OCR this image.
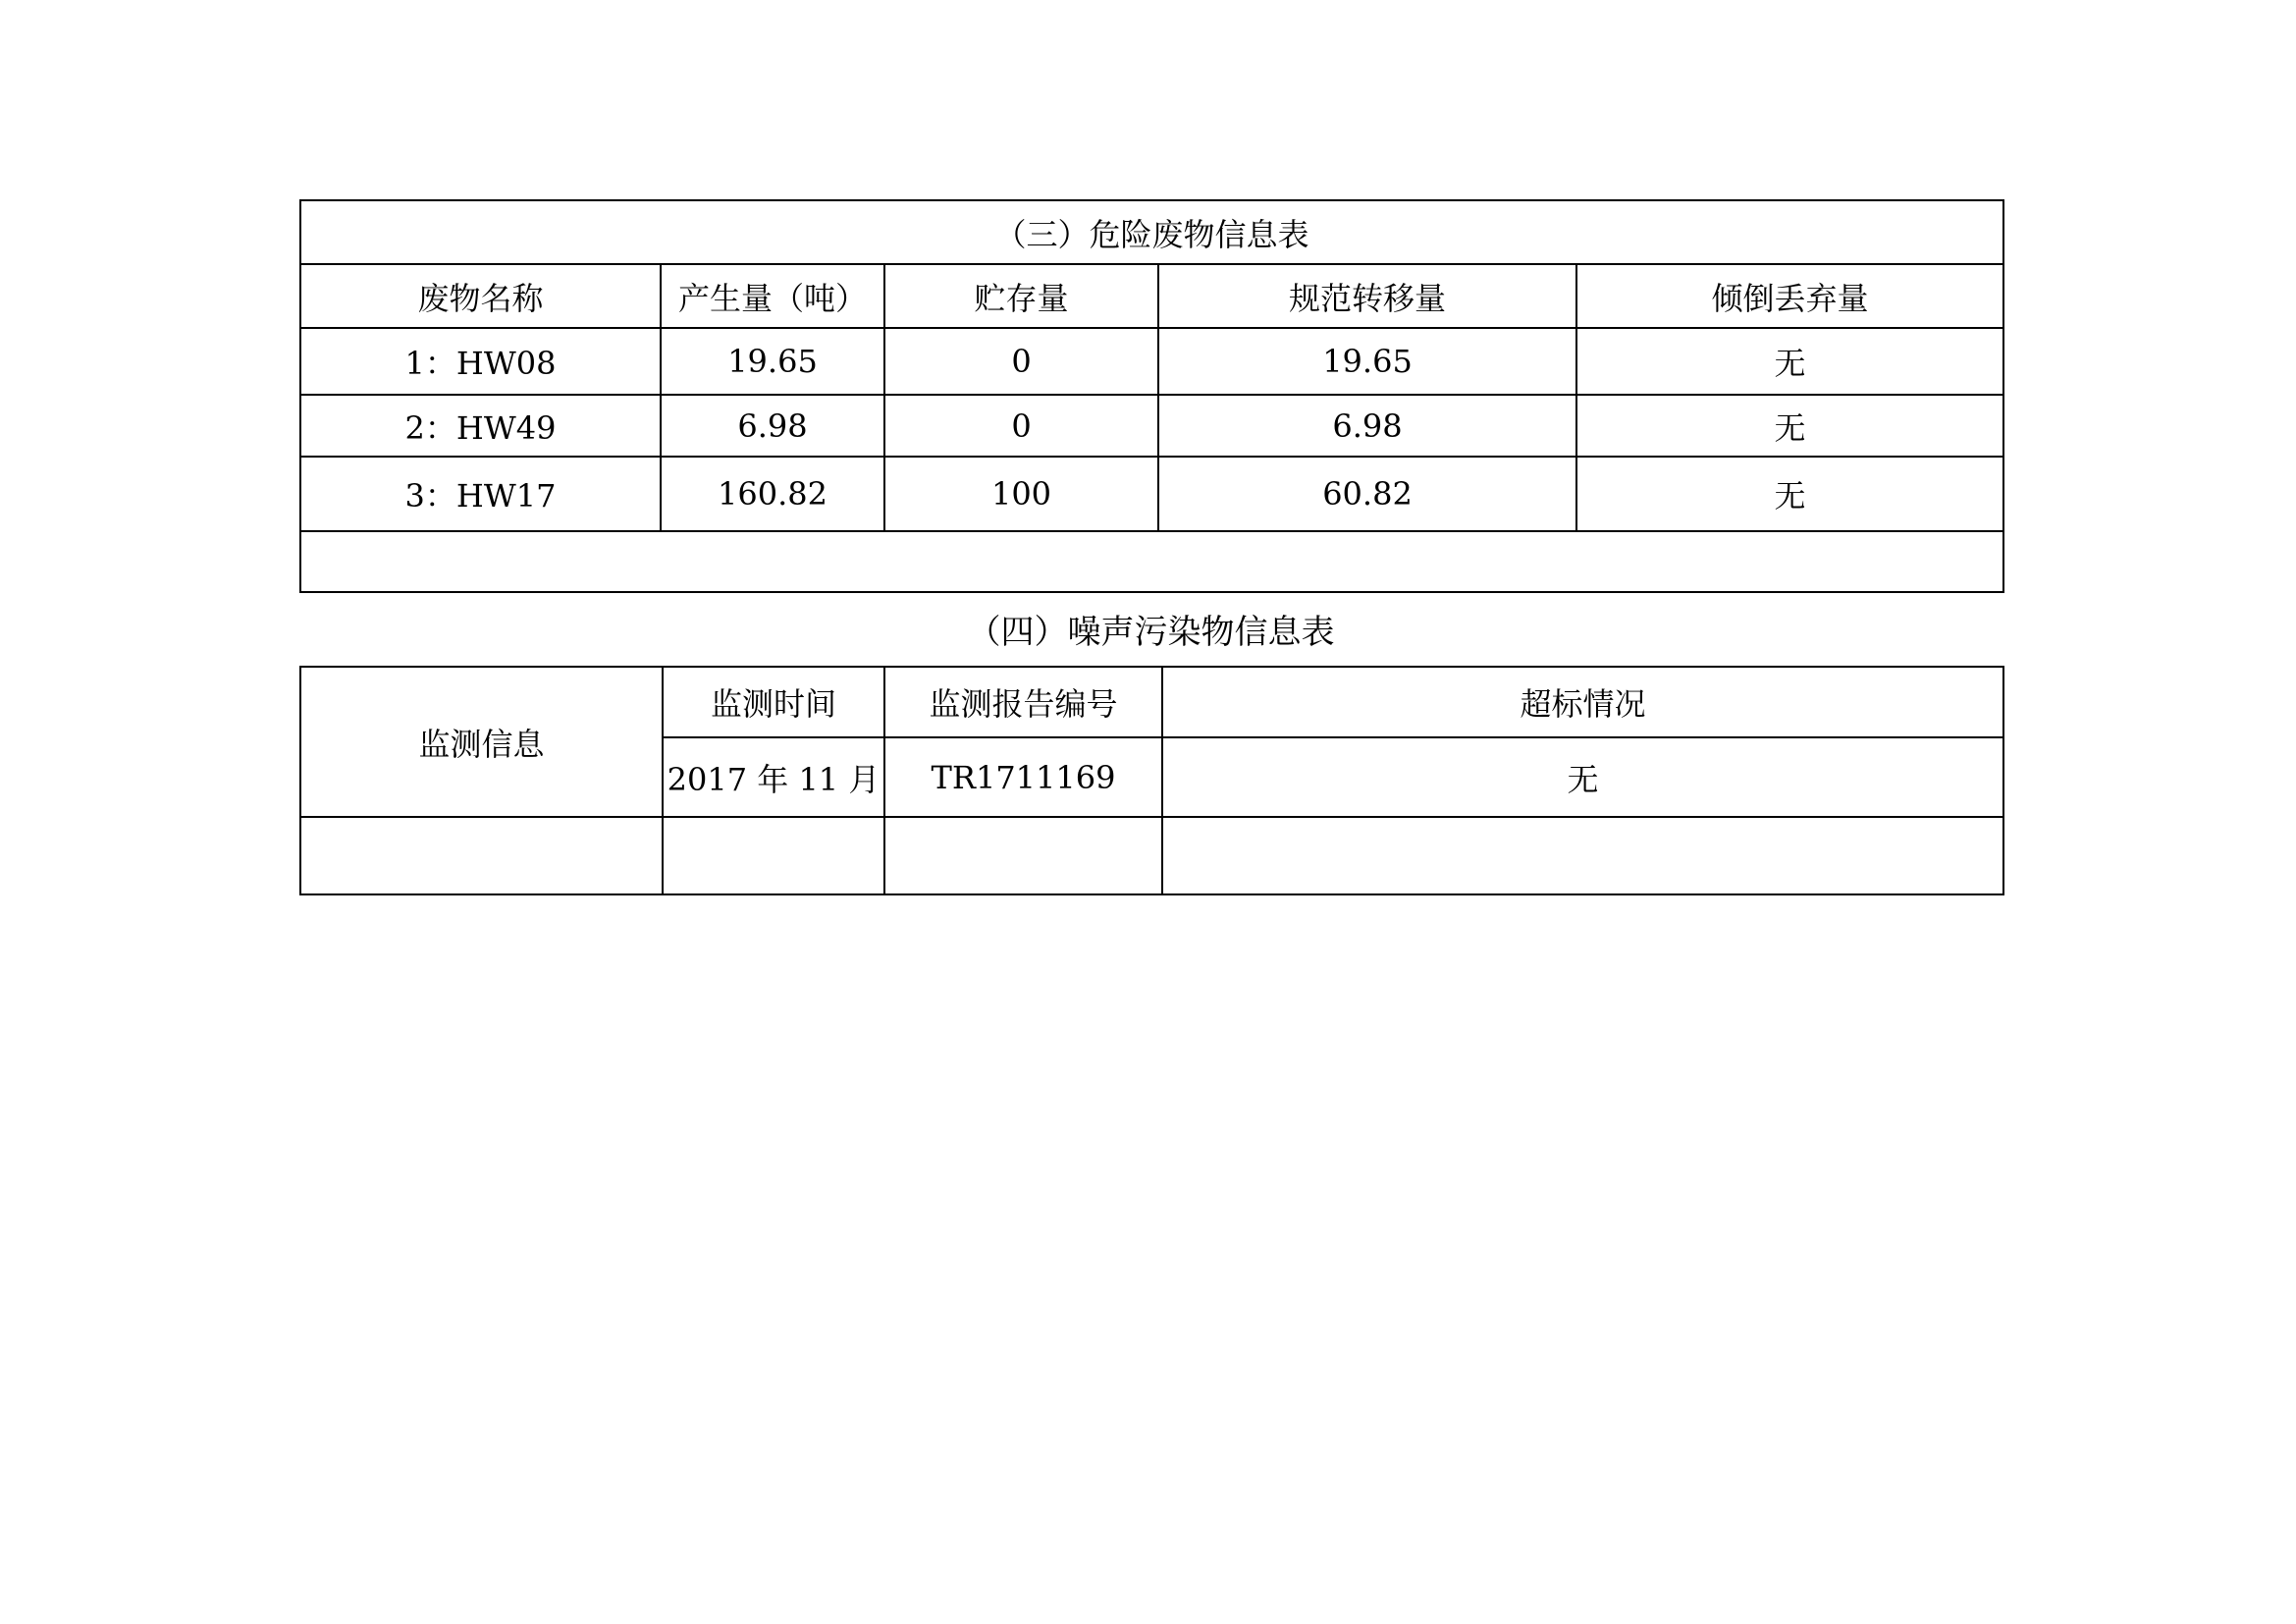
（三）危险废物信息表				
废物名称	产生量（吨）	贮存量	规范转移量	倾倒丢弃量
1：HW08	19.65	0	19.65	无
2：HW49	6.98	0	6.98	无
3：HW17	160.82	100	60.82	无

（四）噪声污染物信息表
监测信息	监测时间	监测报告编号	超标情况
	2017 年 11 月	TR1711169	无
